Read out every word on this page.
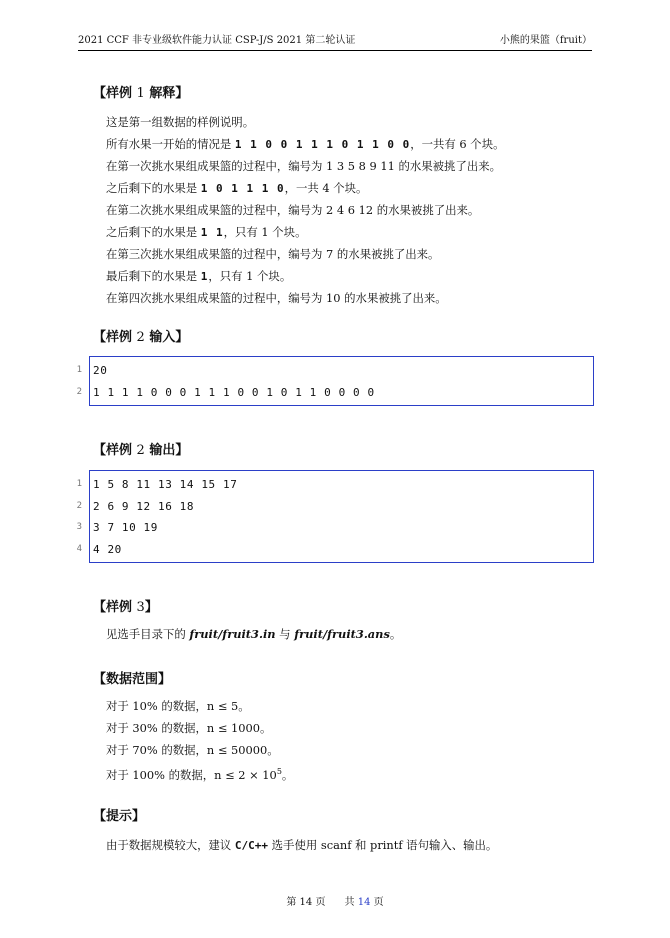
2021 CCF 非专业级软件能力认证 CSP-J/S 2021 第二轮认证	小熊的果篮（fruit）
【样例 1 解释】
这是第一组数据的样例说明。
所有水果一开始的情况是 1 1 0 0 1 1 1 0 1 1 0 0，一共有 6 个块。
在第一次挑水果组成果篮的过程中，编号为 1 3 5 8 9 11 的水果被挑了出来。
之后剩下的水果是 1 0 1 1 1 0，一共 4 个块。
在第二次挑水果组成果篮的过程中，编号为 2 4 6 12 的水果被挑了出来。
之后剩下的水果是 1 1，只有 1 个块。
在第三次挑水果组成果篮的过程中，编号为 7 的水果被挑了出来。
最后剩下的水果是 1，只有 1 个块。
在第四次挑水果组成果篮的过程中，编号为 10 的水果被挑了出来。
【样例 2 输入】
1 20
2 1 1 1 1 0 0 0 1 1 1 0 0 1 0 1 1 0 0 0 0
【样例 2 输出】
1 1 5 8 11 13 14 15 17
2 2 6 9 12 16 18
3 3 7 10 19
4 4 20
【样例 3】
见选手目录下的 fruit/fruit3.in 与 fruit/fruit3.ans。
【数据范围】
对于 10% 的数据，n ≤ 5。
对于 30% 的数据，n ≤ 1000。
对于 70% 的数据，n ≤ 50000。
对于 100% 的数据，$n \le 2 \times 10^5$。
【提示】
由于数据规模较大，建议 C/C++ 选手使用 scanf 和 printf 语句输入、输出。
第 14 页 共 14 页
